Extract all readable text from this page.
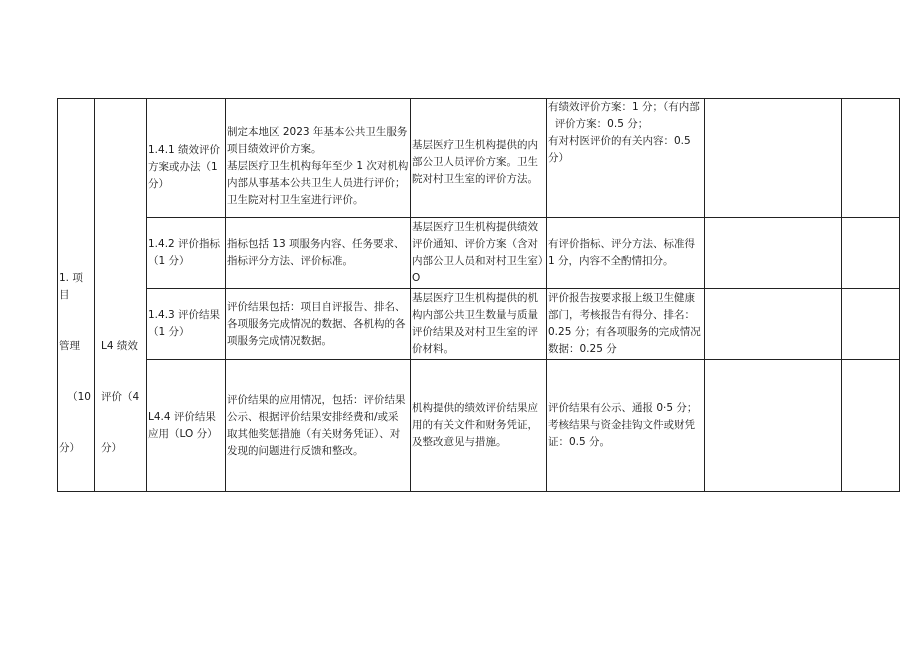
1. 项目

管理

（10

分）	L4 绩效

评价（4

分）	1.4.1 绩效评价方案或办法（1分）	制定本地区 2023 年基本公共卫生服务项目绩效评价方案。
基层医疗卫生机构每年至少 1 次对机构内部从事基本公共卫生人员进行评价；卫生院对村卫生室进行评价。	基层医疗卫生机构提供的内部公卫人员评价方案。卫生院对村卫生室的评价方法。	有绩效评价方案：1 分；（有内部
评价方案：0.5 分；
有对村医评价的有关内容：0.5
分）		

		1.4.2 评价指标（1 分）	指标包括 13 项服务内容、任务要求、指标评分方法、评价标准。	基层医疗卫生机构提供绩效评价通知、评价方案（含对内部公卫人员和对村卫生室）O	有评价指标、评分方法、标准得 1 分，内容不全酌情扣分。		

		1.4.3 评价结果（1 分）	评价结果包括：项目自评报告、排名、各项服务完成情况的数据、各机构的各项服务完成情况数据。	基层医疗卫生机构提供的机构内部公共卫生数量与质量评价结果及对村卫生室的评价材料。	评价报告按要求报上级卫生健康部门，考核报告有得分、排名：0.25 分；有各项服务的完成情况数据：0.25 分		

		L4.4 评价结果应用（LO 分）	评价结果的应用情况，包括：评价结果公示、根据评价结果安排经费和/或采取其他奖惩措施（有关财务凭证）、对发现的问题进行反馈和整改。	机构提供的绩效评价结果应用的有关文件和财务凭证，及整改意见与措施。	评价结果有公示、通报 0·5 分；
考核结果与资金挂钩文件或财凭
证：0.5 分。		
